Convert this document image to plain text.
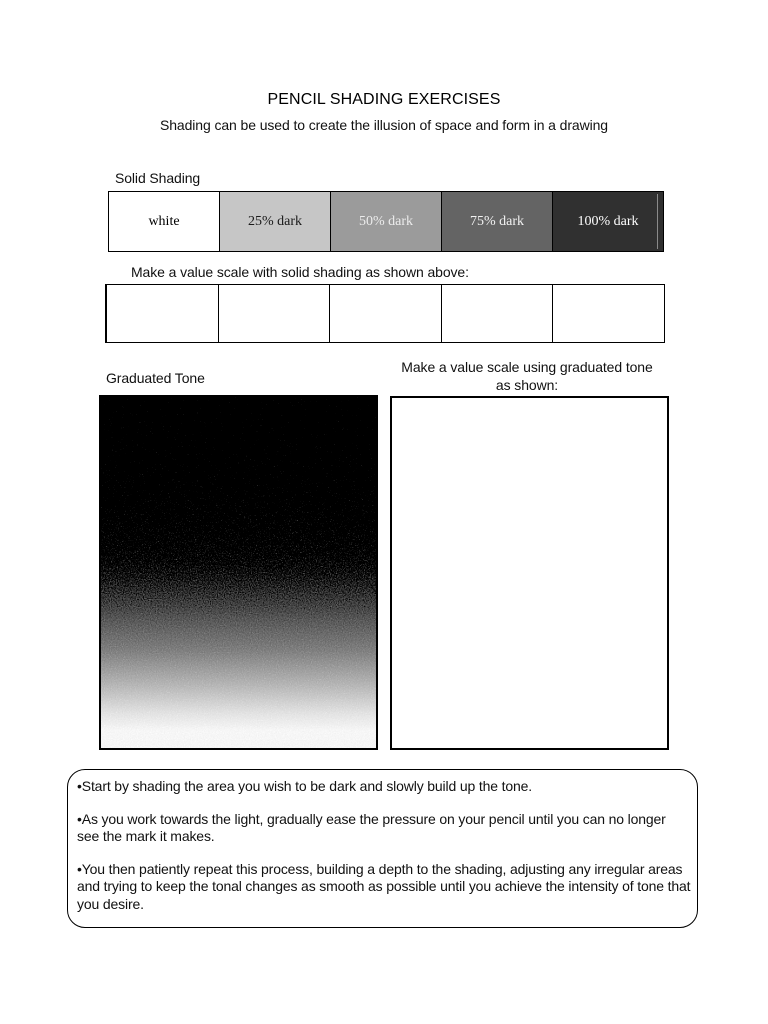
PENCIL SHADING EXERCISES
Shading can be used to create the illusion of space and form in a drawing
Solid Shading
white	25% dark	50% dark	75% dark	100% dark
Make a value scale with solid shading as shown above:
Graduated Tone
Make a value scale using graduated tone as shown:

•Start by shading the area you wish to be dark and slowly build up the tone.

•As you work towards the light, gradually ease the pressure on your pencil until you can no longer see the mark it makes.

•You then patiently repeat this process, building a depth to the shading, adjusting any irregular areas and trying to keep the tonal changes as smooth as possible until you achieve the intensity of tone that you desire.
